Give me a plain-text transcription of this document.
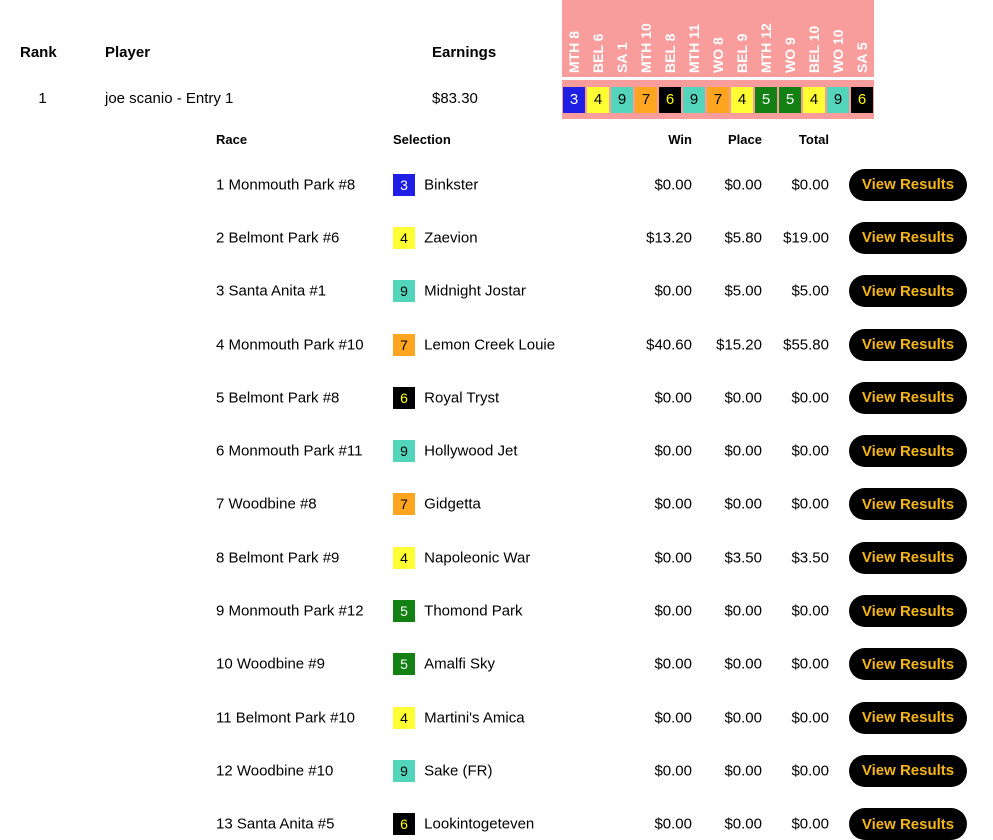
Rank	Player	Earnings
1	joe scanio - Entry 1	$83.30
MTH 8 BEL 6 SA 1 MTH 10 BEL 8 MTH 11 WO 8 BEL 9 MTH 12 WO 9 BEL 10 WO 10 SA 5
3	4	9	7	6	9	7	4	5	5	4	9	6
Race	Selection	Win	Place	Total
1 Monmouth Park #8	3 Binkster	$0.00 $0.00 $0.00	View Results
2 Belmont Park #6	4 Zaevion	$13.20 $5.80 $19.00	View Results
3 Santa Anita #1	9 Midnight Jostar	$0.00 $5.00 $5.00	View Results
4 Monmouth Park #10	7 Lemon Creek Louie	$40.60 $15.20 $55.80	View Results
5 Belmont Park #8	6 Royal Tryst	$0.00 $0.00 $0.00	View Results
6 Monmouth Park #11	9 Hollywood Jet	$0.00 $0.00 $0.00	View Results
7 Woodbine #8	7 Gidgetta	$0.00 $0.00 $0.00	View Results
8 Belmont Park #9	4 Napoleonic War	$0.00 $3.50 $3.50	View Results
9 Monmouth Park #12	5 Thomond Park	$0.00 $0.00 $0.00	View Results
10 Woodbine #9	5 Amalfi Sky	$0.00 $0.00 $0.00	View Results
11 Belmont Park #10	4 Martini's Amica	$0.00 $0.00 $0.00	View Results
12 Woodbine #10	9 Sake (FR)	$0.00 $0.00 $0.00	View Results
13 Santa Anita #5	6 Lookintogeteven	$0.00 $0.00 $0.00	View Results
